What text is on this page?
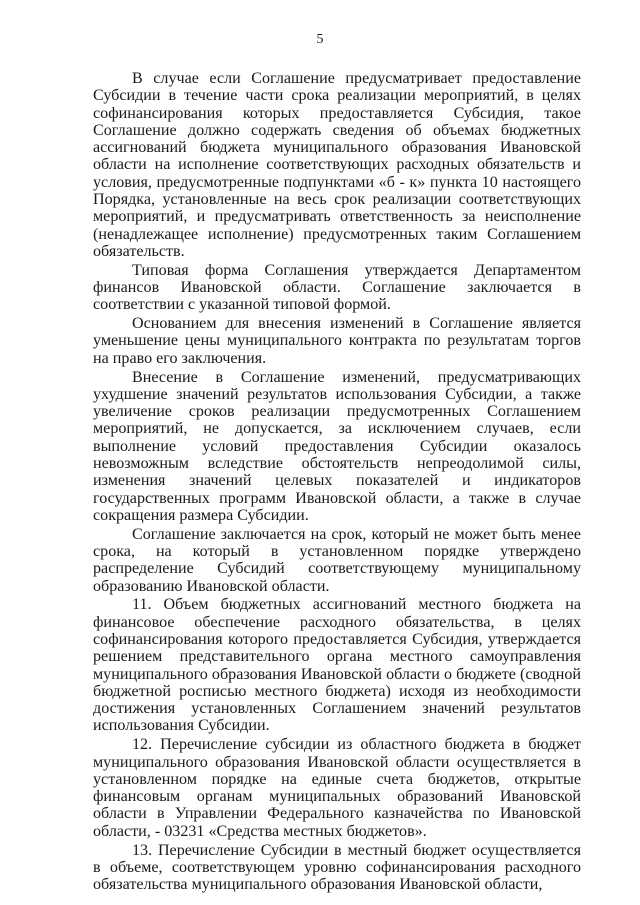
5

В случае если Соглашение предусматривает предоставление Субсидии в течение части срока реализации мероприятий, в целях софинансирования которых предоставляется Субсидия, такое Соглашение должно содержать сведения об объемах бюджетных ассигнований бюджета муниципального образования Ивановской области на исполнение соответствующих расходных обязательств и условия, предусмотренные подпунктами «б - к» пункта 10 настоящего Порядка, установленные на весь срок реализации соответствующих мероприятий, и предусматривать ответственность за неисполнение (ненадлежащее исполнение) предусмотренных таким Соглашением обязательств.

Типовая форма Соглашения утверждается Департаментом финансов Ивановской области. Соглашение заключается в соответствии с указанной типовой формой.

Основанием для внесения изменений в Соглашение является уменьшение цены муниципального контракта по результатам торгов на право его заключения.

Внесение в Соглашение изменений, предусматривающих ухудшение значений результатов использования Субсидии, а также увеличение сроков реализации предусмотренных Соглашением мероприятий, не допускается, за исключением случаев, если выполнение условий предоставления Субсидии оказалось невозможным вследствие обстоятельств непреодолимой силы, изменения значений целевых показателей и индикаторов государственных программ Ивановской области, а также в случае сокращения размера Субсидии.

Соглашение заключается на срок, который не может быть менее срока, на который в установленном порядке утверждено распределение Субсидий соответствующему муниципальному образованию Ивановской области.

11. Объем бюджетных ассигнований местного бюджета на финансовое обеспечение расходного обязательства, в целях софинансирования которого предоставляется Субсидия, утверждается решением представительного органа местного самоуправления муниципального образования Ивановской области о бюджете (сводной бюджетной росписью местного бюджета) исходя из необходимости достижения установленных Соглашением значений результатов использования Субсидии.

12. Перечисление субсидии из областного бюджета в бюджет муниципального образования Ивановской области осуществляется в установленном порядке на единые счета бюджетов, открытые финансовым органам муниципальных образований Ивановской области в Управлении Федерального казначейства по Ивановской области, - 03231 «Средства местных бюджетов».

13. Перечисление Субсидии в местный бюджет осуществляется в объеме, соответствующем уровню софинансирования расходного обязательства муниципального образования Ивановской области,
